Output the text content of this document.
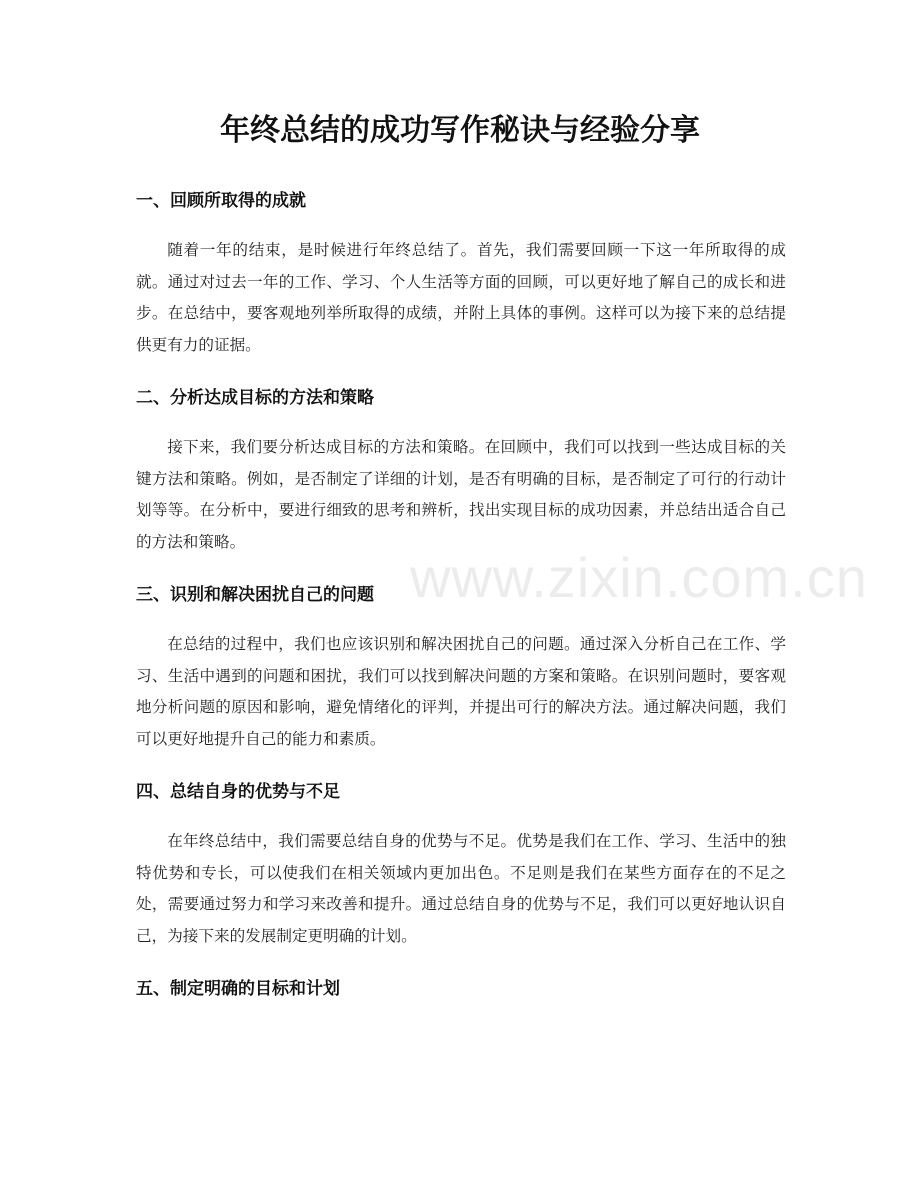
年终总结的成功写作秘诀与经验分享
一、回顾所取得的成就

随着一年的结束，是时候进行年终总结了。首先，我们需要回顾一下这一年所取得的成就。通过对过去一年的工作、学习、个人生活等方面的回顾，可以更好地了解自己的成长和进步。在总结中，要客观地列举所取得的成绩，并附上具体的事例。这样可以为接下来的总结提供更有力的证据。

二、分析达成目标的方法和策略

接下来，我们要分析达成目标的方法和策略。在回顾中，我们可以找到一些达成目标的关键方法和策略。例如，是否制定了详细的计划，是否有明确的目标，是否制定了可行的行动计划等等。在分析中，要进行细致的思考和辨析，找出实现目标的成功因素，并总结出适合自己的方法和策略。

三、识别和解决困扰自己的问题

在总结的过程中，我们也应该识别和解决困扰自己的问题。通过深入分析自己在工作、学习、生活中遇到的问题和困扰，我们可以找到解决问题的方案和策略。在识别问题时，要客观地分析问题的原因和影响，避免情绪化的评判，并提出可行的解决方法。通过解决问题，我们可以更好地提升自己的能力和素质。

四、总结自身的优势与不足

在年终总结中，我们需要总结自身的优势与不足。优势是我们在工作、学习、生活中的独特优势和专长，可以使我们在相关领域内更加出色。不足则是我们在某些方面存在的不足之处，需要通过努力和学习来改善和提升。通过总结自身的优势与不足，我们可以更好地认识自己，为接下来的发展制定更明确的计划。

五、制定明确的目标和计划
www.zixin.com.cn
